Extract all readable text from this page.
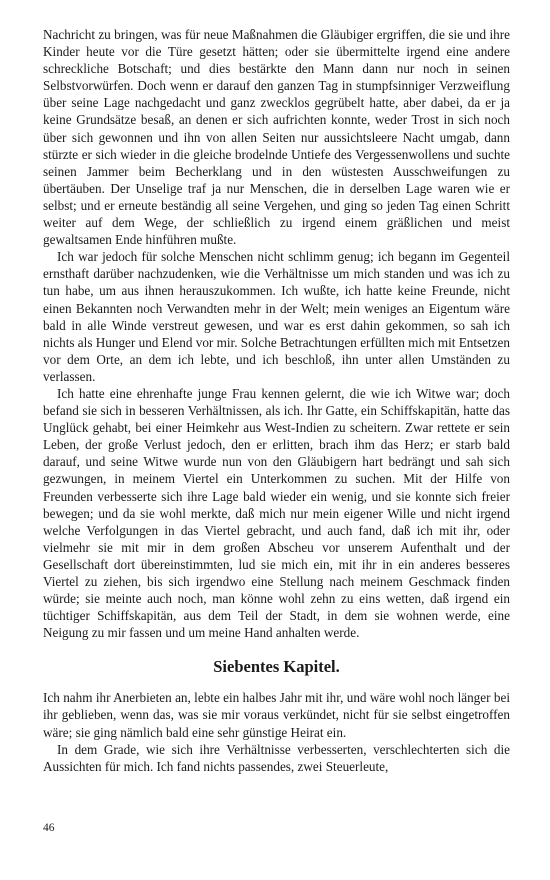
Nachricht zu bringen, was für neue Maßnahmen die Gläubiger ergriffen, die sie und ihre Kinder heute vor die Türe gesetzt hätten; oder sie übermittelte irgend eine andere schreckliche Botschaft; und dies bestärkte den Mann dann nur noch in seinen Selbstvorwürfen. Doch wenn er darauf den ganzen Tag in stumpfsinniger Verzweiflung über seine Lage nachgedacht und ganz zwecklos gegrübelt hatte, aber dabei, da er ja keine Grundsätze besaß, an denen er sich aufrichten konnte, weder Trost in sich noch über sich gewonnen und ihn von allen Seiten nur aussichtsleere Nacht umgab, dann stürzte er sich wieder in die gleiche brodelnde Untiefe des Vergessenwollens und suchte seinen Jammer beim Becherklang und in den wüstesten Ausschweifungen zu übertäuben. Der Unselige traf ja nur Menschen, die in derselben Lage waren wie er selbst; und er erneute beständig all seine Vergehen, und ging so jeden Tag einen Schritt weiter auf dem Wege, der schließlich zu irgend einem gräßlichen und meist gewaltsamen Ende hinführen mußte.

Ich war jedoch für solche Menschen nicht schlimm genug; ich begann im Gegenteil ernsthaft darüber nachzudenken, wie die Verhältnisse um mich standen und was ich zu tun habe, um aus ihnen herauszukommen. Ich wußte, ich hatte keine Freunde, nicht einen Bekannten noch Verwandten mehr in der Welt; mein weniges an Eigentum wäre bald in alle Winde verstreut gewesen, und war es erst dahin gekommen, so sah ich nichts als Hunger und Elend vor mir. Solche Betrachtungen erfüllten mich mit Entsetzen vor dem Orte, an dem ich lebte, und ich beschloß, ihn unter allen Umständen zu verlassen.

Ich hatte eine ehrenhafte junge Frau kennen gelernt, die wie ich Witwe war; doch befand sie sich in besseren Verhältnissen, als ich. Ihr Gatte, ein Schiffskapitän, hatte das Unglück gehabt, bei einer Heimkehr aus West-Indien zu scheitern. Zwar rettete er sein Leben, der große Verlust jedoch, den er erlitten, brach ihm das Herz; er starb bald darauf, und seine Witwe wurde nun von den Gläubigern hart bedrängt und sah sich gezwungen, in meinem Viertel ein Unterkommen zu suchen. Mit der Hilfe von Freunden verbesserte sich ihre Lage bald wieder ein wenig, und sie konnte sich freier bewegen; und da sie wohl merkte, daß mich nur mein eigener Wille und nicht irgend welche Verfolgungen in das Viertel gebracht, und auch fand, daß ich mit ihr, oder vielmehr sie mit mir in dem großen Abscheu vor unserem Aufenthalt und der Gesellschaft dort übereinstimmten, lud sie mich ein, mit ihr in ein anderes besseres Viertel zu ziehen, bis sich irgendwo eine Stellung nach meinem Geschmack finden würde; sie meinte auch noch, man könne wohl zehn zu eins wetten, daß irgend ein tüchtiger Schiffskapitän, aus dem Teil der Stadt, in dem sie wohnen werde, eine Neigung zu mir fassen und um meine Hand anhalten werde.

Siebentes Kapitel.

Ich nahm ihr Anerbieten an, lebte ein halbes Jahr mit ihr, und wäre wohl noch länger bei ihr geblieben, wenn das, was sie mir voraus verkündet, nicht für sie selbst eingetroffen wäre; sie ging nämlich bald eine sehr günstige Heirat ein.

In dem Grade, wie sich ihre Verhältnisse verbesserten, verschlechterten sich die Aussichten für mich. Ich fand nichts passendes, zwei Steuerleute,

46
